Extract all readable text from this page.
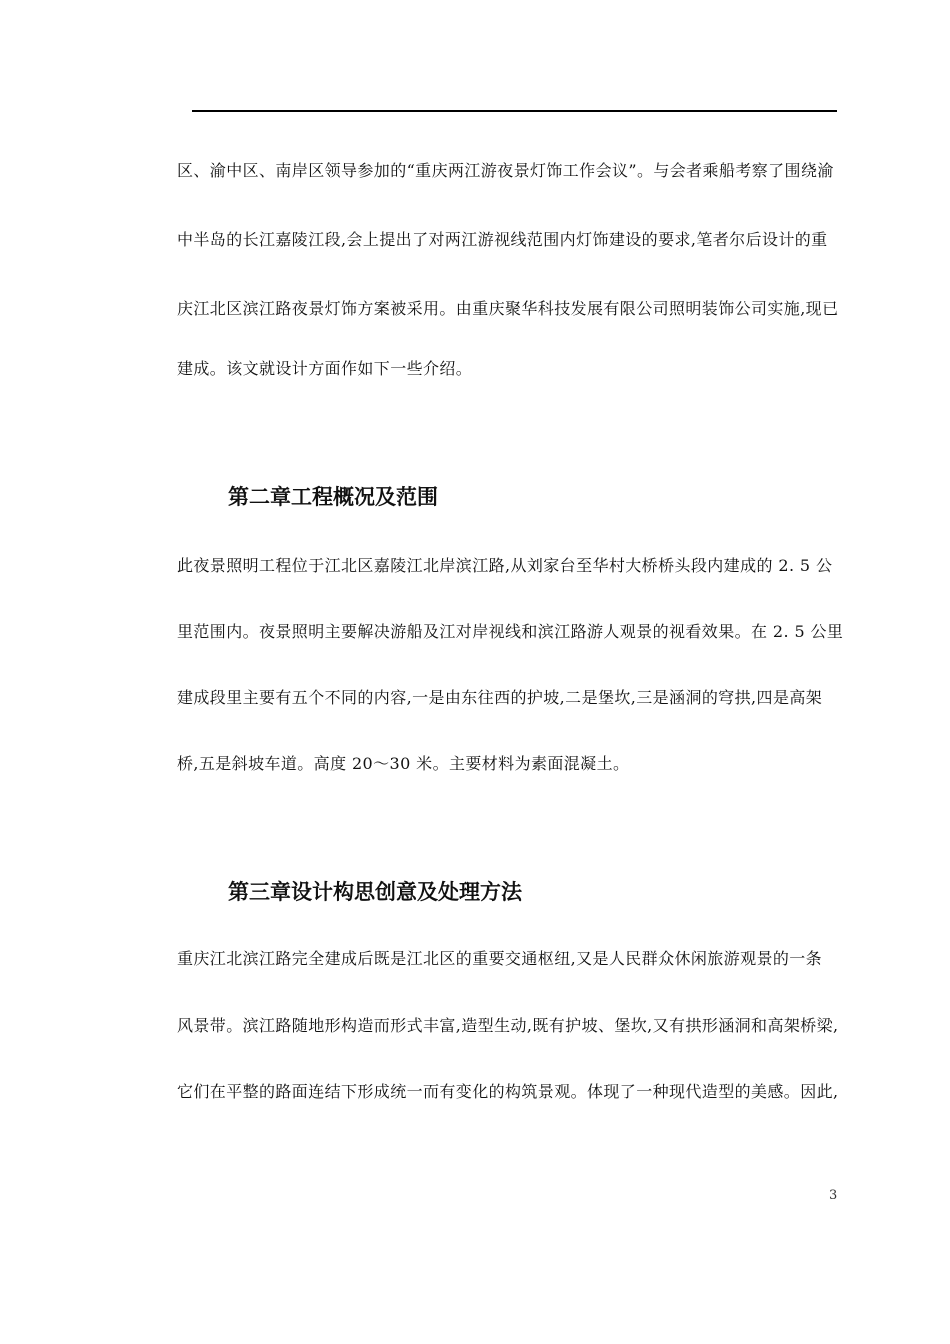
区、渝中区、南岸区领导参加的“重庆两江游夜景灯饰工作会议”。与会者乘船考察了围绕渝
中半岛的长江嘉陵江段,会上提出了对两江游视线范围内灯饰建设的要求,笔者尔后设计的重
庆江北区滨江路夜景灯饰方案被采用。由重庆聚华科技发展有限公司照明装饰公司实施,现已
建成。该文就设计方面作如下一些介绍。
第二章工程概况及范围
此夜景照明工程位于江北区嘉陵江北岸滨江路,从刘家台至华村大桥桥头段内建成的 2. 5 公
里范围内。夜景照明主要解决游船及江对岸视线和滨江路游人观景的视看效果。在 2. 5 公里
建成段里主要有五个不同的内容,一是由东往西的护坡,二是堡坎,三是涵洞的穹拱,四是高架
桥,五是斜坡车道。高度 20～30 米。主要材料为素面混凝土。
第三章设计构思创意及处理方法
重庆江北滨江路完全建成后既是江北区的重要交通枢纽,又是人民群众休闲旅游观景的一条
风景带。滨江路随地形构造而形式丰富,造型生动,既有护坡、堡坎,又有拱形涵洞和高架桥梁,
它们在平整的路面连结下形成统一而有变化的构筑景观。体现了一种现代造型的美感。因此,
3
